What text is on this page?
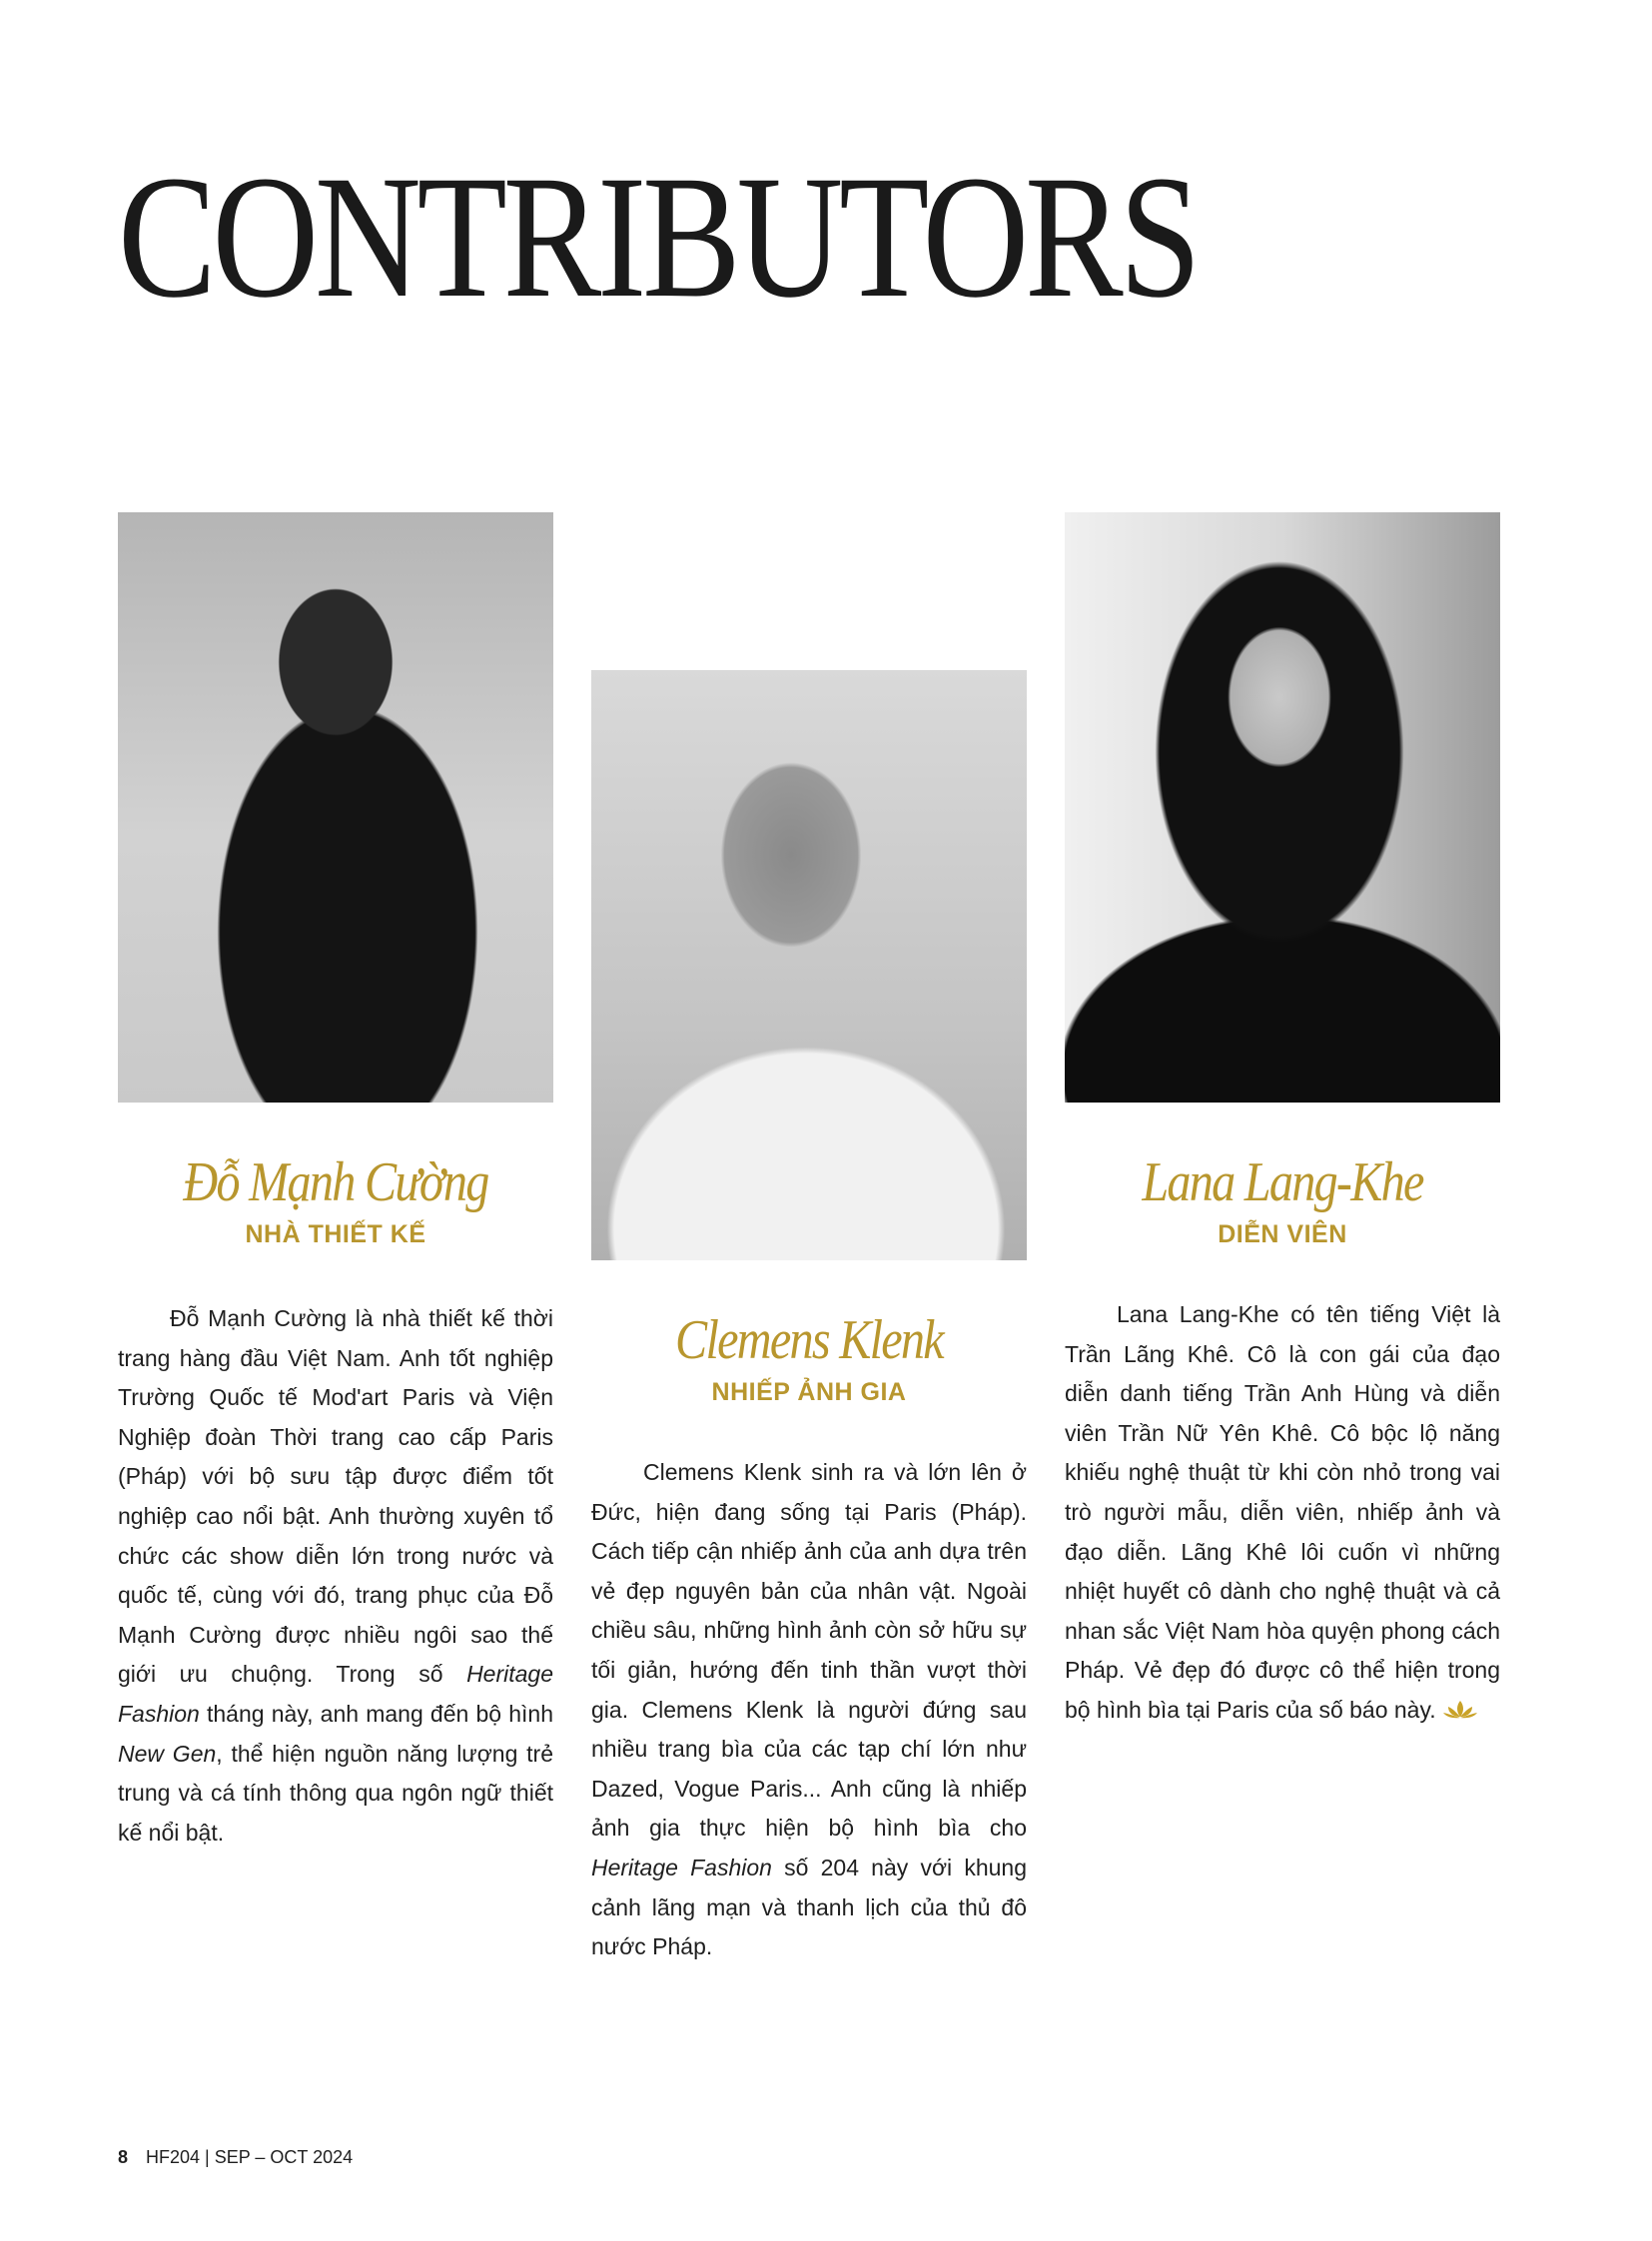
CONTRIBUTORS
Đỗ Mạnh Cường
NHÀ THIẾT KẾ

Đỗ Mạnh Cường là nhà thiết kế thời trang hàng đầu Việt Nam. Anh tốt nghiệp Trường Quốc tế Mod'art Paris và Viện Nghiệp đoàn Thời trang cao cấp Paris (Pháp) với bộ sưu tập được điểm tốt nghiệp cao nổi bật. Anh thường xuyên tổ chức các show diễn lớn trong nước và quốc tế, cùng với đó, trang phục của Đỗ Mạnh Cường được nhiều ngôi sao thế giới ưu chuộng. Trong số Heritage Fashion tháng này, anh mang đến bộ hình New Gen, thể hiện nguồn năng lượng trẻ trung và cá tính thông qua ngôn ngữ thiết kế nổi bật.

Clemens Klenk
NHIẾP ẢNH GIA

Clemens Klenk sinh ra và lớn lên ở Đức, hiện đang sống tại Paris (Pháp). Cách tiếp cận nhiếp ảnh của anh dựa trên vẻ đẹp nguyên bản của nhân vật. Ngoài chiều sâu, những hình ảnh còn sở hữu sự tối giản, hướng đến tinh thần vượt thời gia. Clemens Klenk là người đứng sau nhiều trang bìa của các tạp chí lớn như Dazed, Vogue Paris... Anh cũng là nhiếp ảnh gia thực hiện bộ hình bìa cho Heritage Fashion số 204 này với khung cảnh lãng mạn và thanh lịch của thủ đô nước Pháp.

Lana Lang-Khe
DIỄN VIÊN

Lana Lang-Khe có tên tiếng Việt là Trần Lãng Khê. Cô là con gái của đạo diễn danh tiếng Trần Anh Hùng và diễn viên Trần Nữ Yên Khê. Cô bộc lộ năng khiếu nghệ thuật từ khi còn nhỏ trong vai trò người mẫu, diễn viên, nhiếp ảnh và đạo diễn. Lãng Khê lôi cuốn vì những nhiệt huyết cô dành cho nghệ thuật và cả nhan sắc Việt Nam hòa quyện phong cách Pháp. Vẻ đẹp đó được cô thể hiện trong bộ hình bìa tại Paris của số báo này.

8 HF204 | SEP – OCT 2024
